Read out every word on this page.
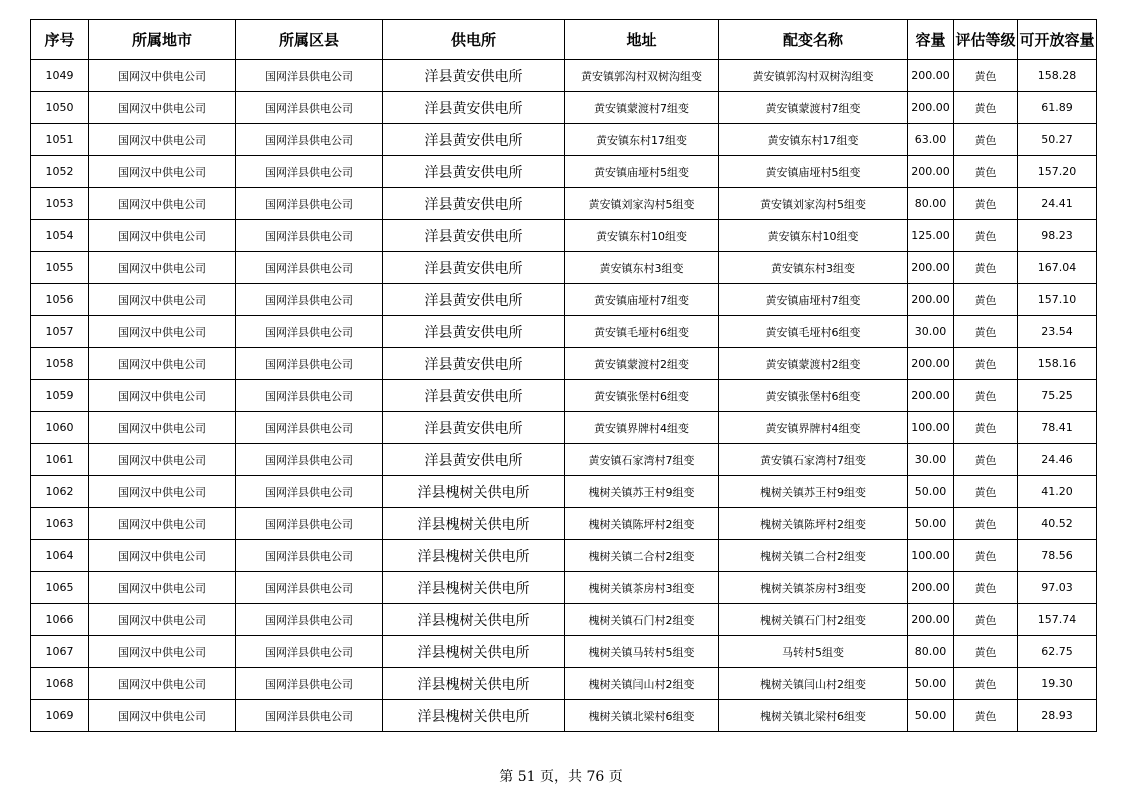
序号	所属地市	所属区县	供电所	地址	配变名称	容量	评估等级	可开放容量
1049	国网汉中供电公司	国网洋县供电公司	洋县黄安供电所	黄安镇郭沟村双树沟组变	黄安镇郭沟村双树沟组变	200.00	黄色	158.28
1050	国网汉中供电公司	国网洋县供电公司	洋县黄安供电所	黄安镇蒙渡村7组变	黄安镇蒙渡村7组变	200.00	黄色	61.89
1051	国网汉中供电公司	国网洋县供电公司	洋县黄安供电所	黄安镇东村17组变	黄安镇东村17组变	63.00	黄色	50.27
1052	国网汉中供电公司	国网洋县供电公司	洋县黄安供电所	黄安镇庙垭村5组变	黄安镇庙垭村5组变	200.00	黄色	157.20
1053	国网汉中供电公司	国网洋县供电公司	洋县黄安供电所	黄安镇刘家沟村5组变	黄安镇刘家沟村5组变	80.00	黄色	24.41
1054	国网汉中供电公司	国网洋县供电公司	洋县黄安供电所	黄安镇东村10组变	黄安镇东村10组变	125.00	黄色	98.23
1055	国网汉中供电公司	国网洋县供电公司	洋县黄安供电所	黄安镇东村3组变	黄安镇东村3组变	200.00	黄色	167.04
1056	国网汉中供电公司	国网洋县供电公司	洋县黄安供电所	黄安镇庙垭村7组变	黄安镇庙垭村7组变	200.00	黄色	157.10
1057	国网汉中供电公司	国网洋县供电公司	洋县黄安供电所	黄安镇毛垭村6组变	黄安镇毛垭村6组变	30.00	黄色	23.54
1058	国网汉中供电公司	国网洋县供电公司	洋县黄安供电所	黄安镇蒙渡村2组变	黄安镇蒙渡村2组变	200.00	黄色	158.16
1059	国网汉中供电公司	国网洋县供电公司	洋县黄安供电所	黄安镇张堡村6组变	黄安镇张堡村6组变	200.00	黄色	75.25
1060	国网汉中供电公司	国网洋县供电公司	洋县黄安供电所	黄安镇界牌村4组变	黄安镇界牌村4组变	100.00	黄色	78.41
1061	国网汉中供电公司	国网洋县供电公司	洋县黄安供电所	黄安镇石家湾村7组变	黄安镇石家湾村7组变	30.00	黄色	24.46
1062	国网汉中供电公司	国网洋县供电公司	洋县槐树关供电所	槐树关镇苏王村9组变	槐树关镇苏王村9组变	50.00	黄色	41.20
1063	国网汉中供电公司	国网洋县供电公司	洋县槐树关供电所	槐树关镇陈坪村2组变	槐树关镇陈坪村2组变	50.00	黄色	40.52
1064	国网汉中供电公司	国网洋县供电公司	洋县槐树关供电所	槐树关镇二合村2组变	槐树关镇二合村2组变	100.00	黄色	78.56
1065	国网汉中供电公司	国网洋县供电公司	洋县槐树关供电所	槐树关镇茶房村3组变	槐树关镇茶房村3组变	200.00	黄色	97.03
1066	国网汉中供电公司	国网洋县供电公司	洋县槐树关供电所	槐树关镇石门村2组变	槐树关镇石门村2组变	200.00	黄色	157.74
1067	国网汉中供电公司	国网洋县供电公司	洋县槐树关供电所	槐树关镇马转村5组变	马转村5组变	80.00	黄色	62.75
1068	国网汉中供电公司	国网洋县供电公司	洋县槐树关供电所	槐树关镇闫山村2组变	槐树关镇闫山村2组变	50.00	黄色	19.30
1069	国网汉中供电公司	国网洋县供电公司	洋县槐树关供电所	槐树关镇北梁村6组变	槐树关镇北梁村6组变	50.00	黄色	28.93
第 51 页，共 76 页
